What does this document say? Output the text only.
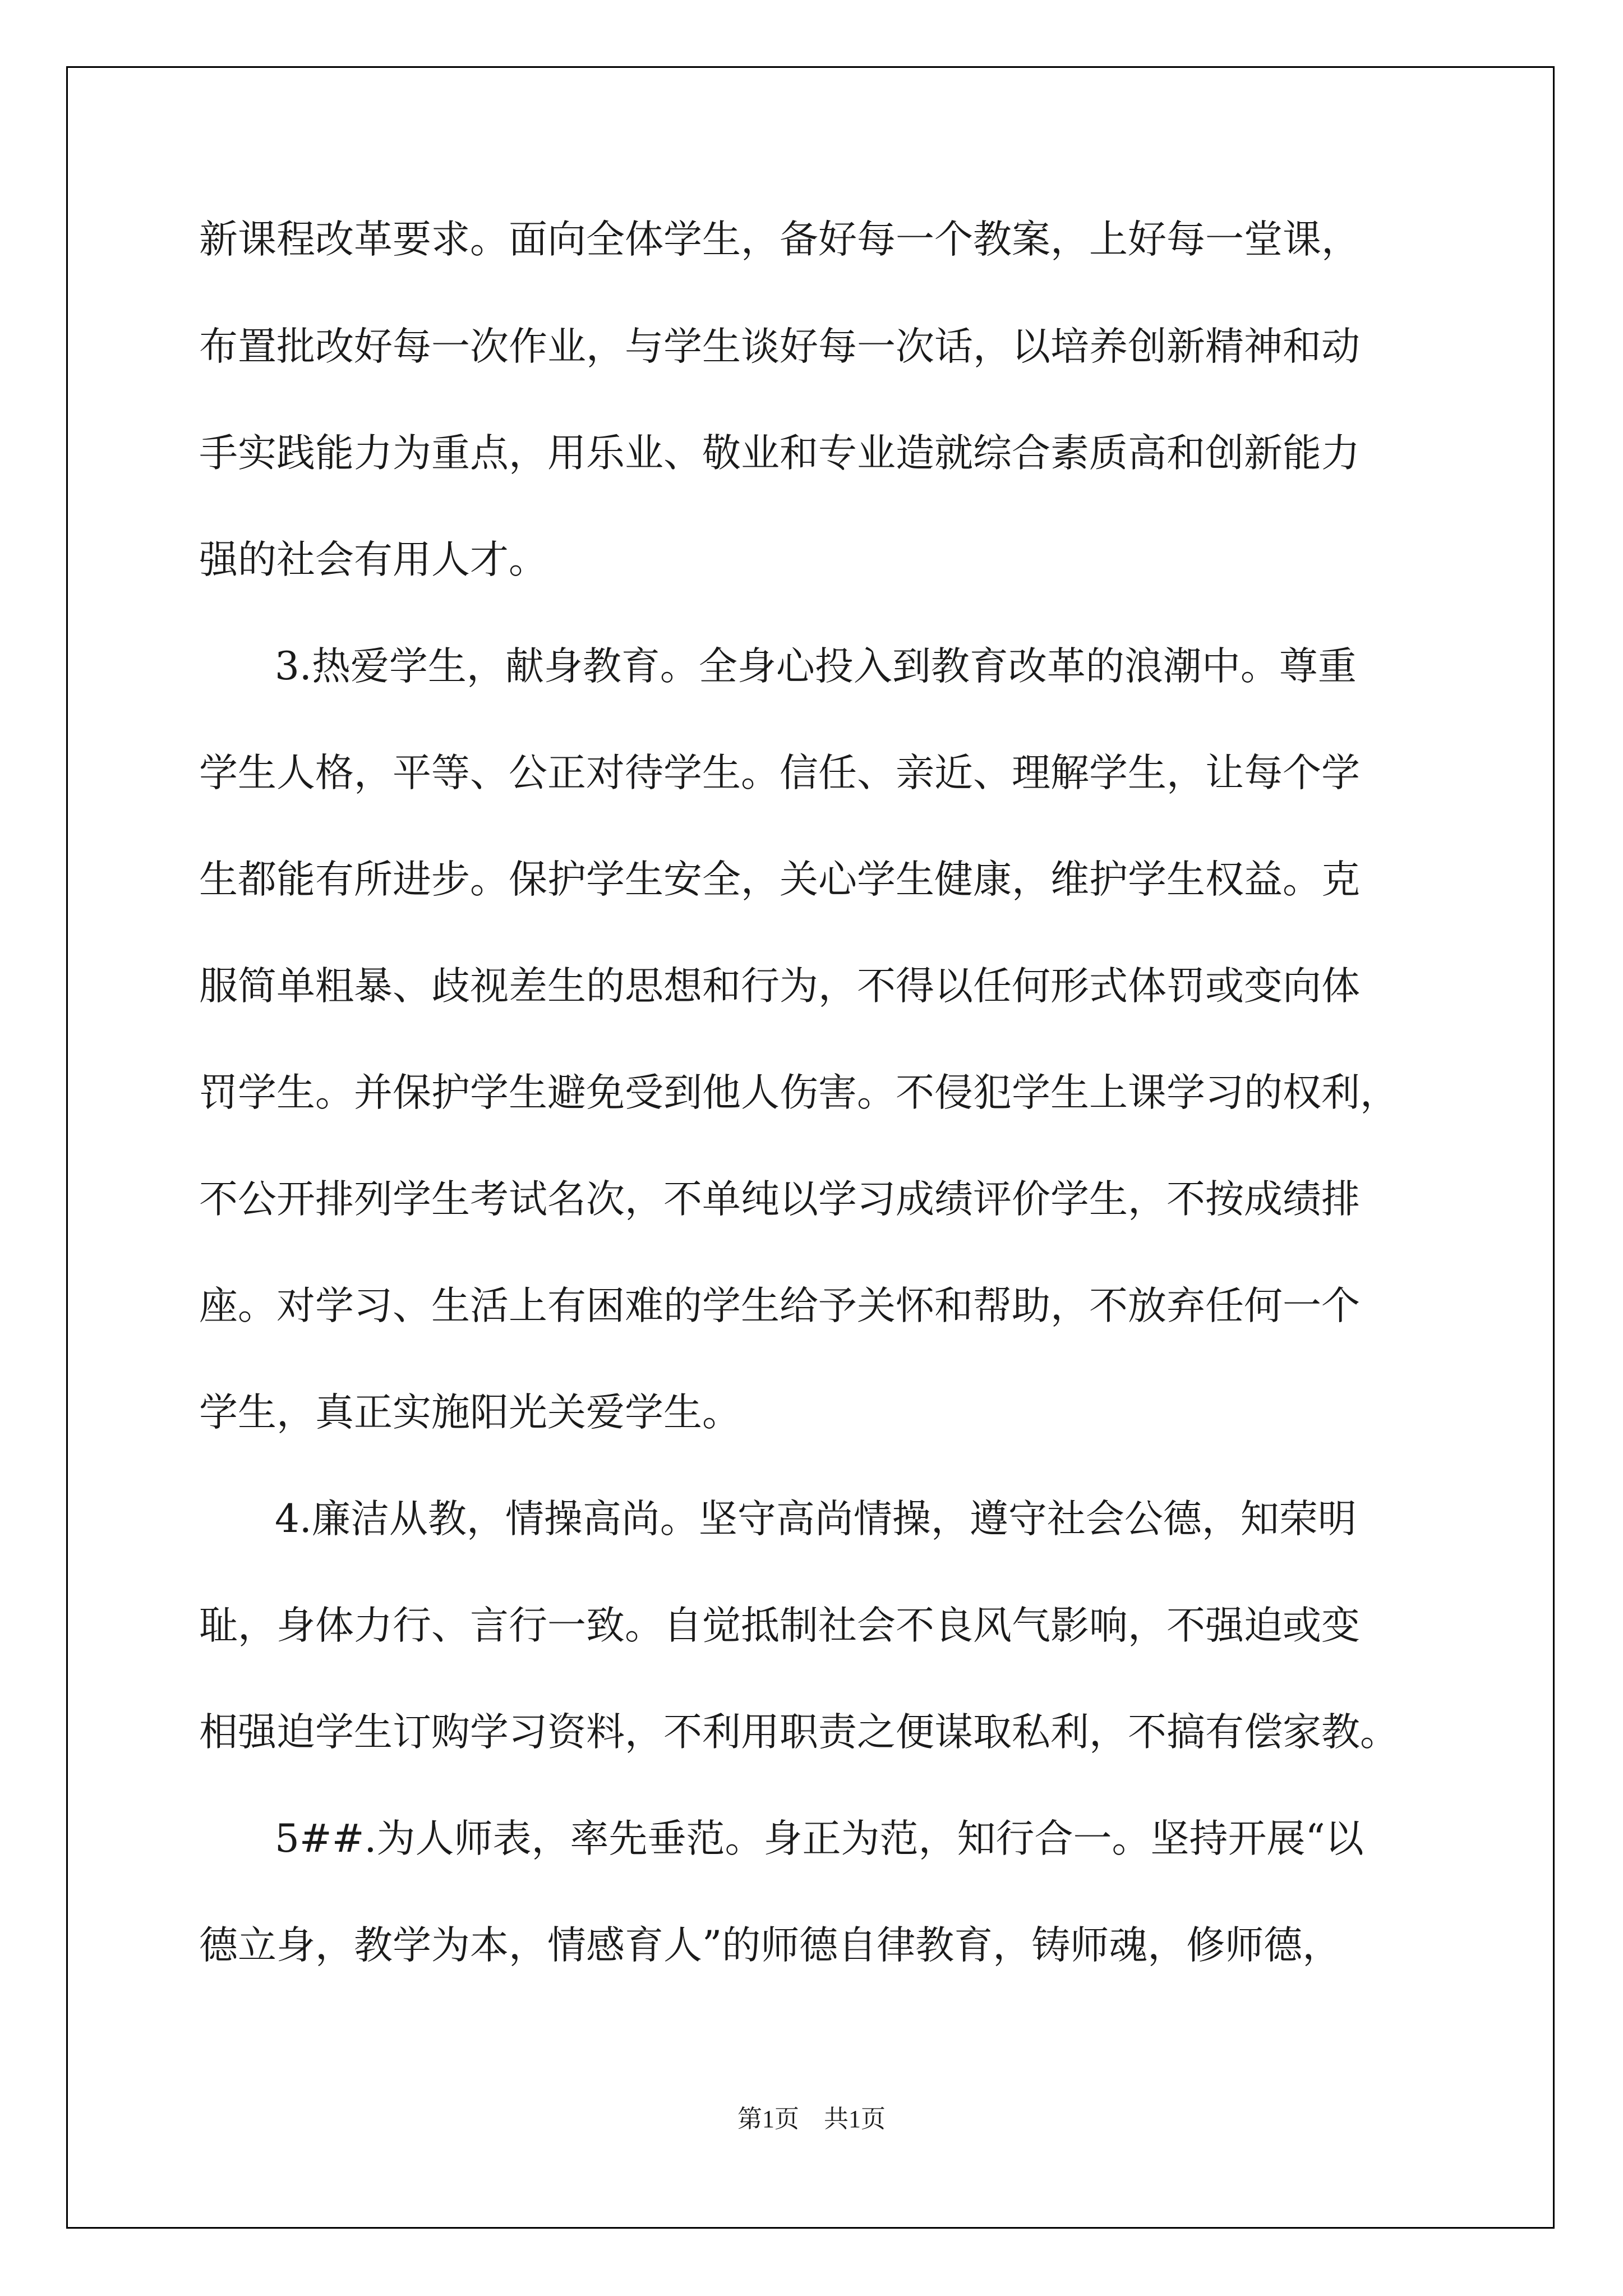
新课程改革要求。面向全体学生，备好每一个教案，上好每一堂课，

布置批改好每一次作业，与学生谈好每一次话，以培养创新精神和动

手实践能力为重点，用乐业、敬业和专业造就综合素质高和创新能力

强的社会有用人才。

3.热爱学生，献身教育。全身心投入到教育改革的浪潮中。尊重

学生人格，平等、公正对待学生。信任、亲近、理解学生，让每个学

生都能有所进步。保护学生安全，关心学生健康，维护学生权益。克

服简单粗暴、歧视差生的思想和行为，不得以任何形式体罚或变向体

罚学生。并保护学生避免受到他人伤害。不侵犯学生上课学习的权利，

不公开排列学生考试名次，不单纯以学习成绩评价学生，不按成绩排

座。对学习、生活上有困难的学生给予关怀和帮助，不放弃任何一个

学生，真正实施阳光关爱学生。

4.廉洁从教，情操高尚。坚守高尚情操，遵守社会公德，知荣明

耻，身体力行、言行一致。自觉抵制社会不良风气影响，不强迫或变

相强迫学生订购学习资料，不利用职责之便谋取私利，不搞有偿家教。

5##.为人师表，率先垂范。身正为范，知行合一。坚持开展“以

德立身，教学为本，情感育人”的师德自律教育，铸师魂，修师德，

第1页　共1页
